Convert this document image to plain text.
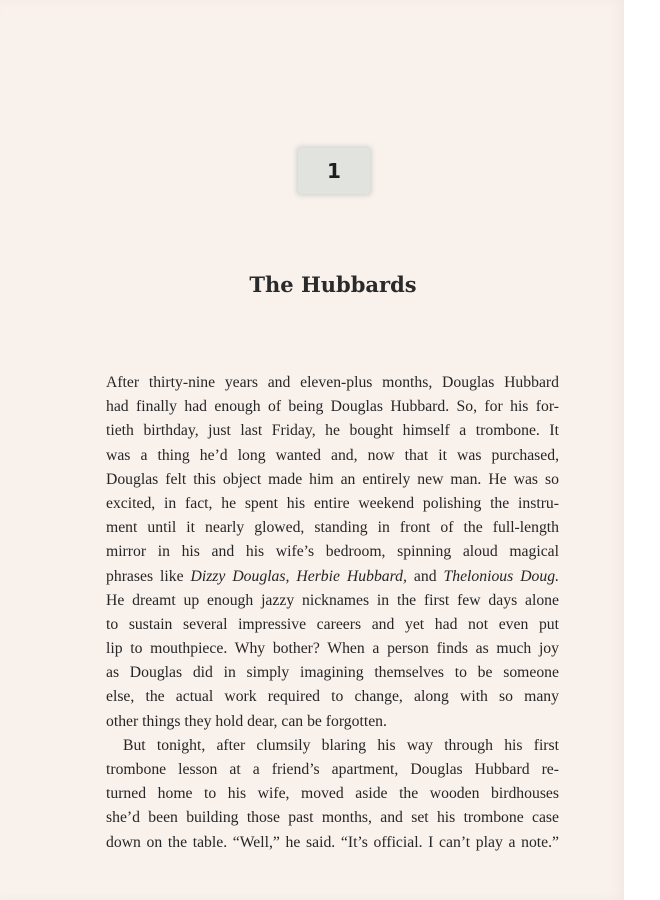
1
The Hubbards
After thirty-nine years and eleven-plus months, Douglas Hubbard
had finally had enough of being Douglas Hubbard. So, for his for-
tieth birthday, just last Friday, he bought himself a trombone. It
was a thing he’d long wanted and, now that it was purchased,
Douglas felt this object made him an entirely new man. He was so
excited, in fact, he spent his entire weekend polishing the instru-
ment until it nearly glowed, standing in front of the full-length
mirror in his and his wife’s bedroom, spinning aloud magical
phrases like Dizzy Douglas, Herbie Hubbard, and Thelonious Doug.
He dreamt up enough jazzy nicknames in the first few days alone
to sustain several impressive careers and yet had not even put
lip to mouthpiece. Why bother? When a person finds as much joy
as Douglas did in simply imagining themselves to be someone
else, the actual work required to change, along with so many
other things they hold dear, can be forgotten.
But tonight, after clumsily blaring his way through his first
trombone lesson at a friend’s apartment, Douglas Hubbard re-
turned home to his wife, moved aside the wooden birdhouses
she’d been building those past months, and set his trombone case
down on the table. “Well,” he said. “It’s official. I can’t play a note.”
